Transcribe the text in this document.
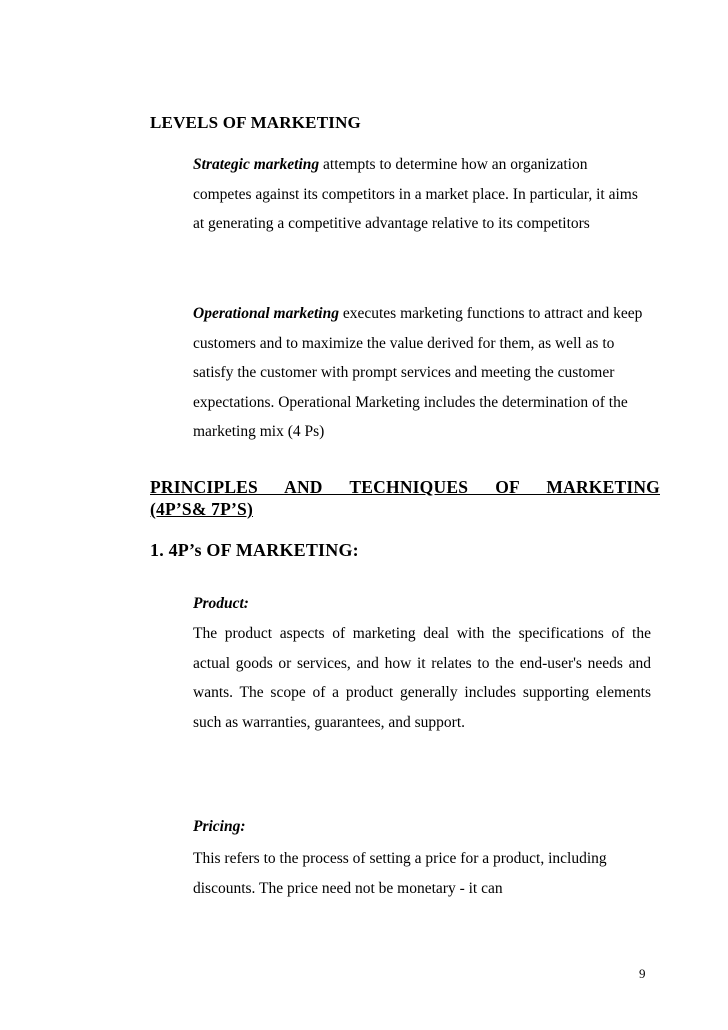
LEVELS OF MARKETING

Strategic marketing attempts to determine how an organization competes against its competitors in a market place. In particular, it aims at generating a competitive advantage relative to its competitors

Operational marketing executes marketing functions to attract and keep customers and to maximize the value derived for them, as well as to satisfy the customer with prompt services and meeting the customer expectations. Operational Marketing includes the determination of the marketing mix (4 Ps)

PRINCIPLES AND TECHNIQUES OF MARKETING
(4P’S& 7P’S)
1. 4P’s OF MARKETING:

Product:

The product aspects of marketing deal with the specifications of the actual goods or services, and how it relates to the end-user's needs and wants. The scope of a product generally includes supporting elements such as warranties, guarantees, and support.

Pricing:

This refers to the process of setting a price for a product, including discounts. The price need not be monetary - it can

9
